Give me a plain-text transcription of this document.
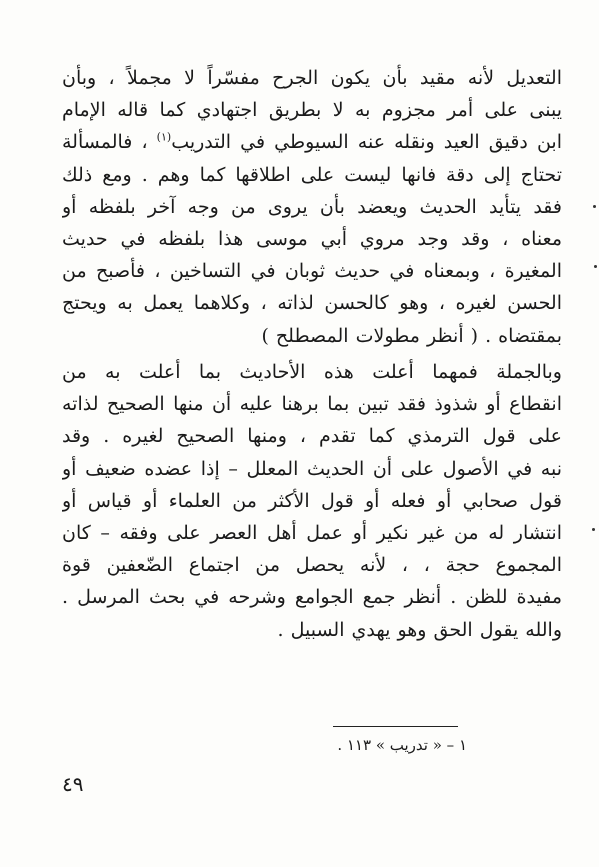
التعديل لأنه مقيد بأن يكون الجرح مفسّراً لا مجملاً ، وبأن
يبنى على أمر مجزوم به لا بطريق اجتهادي كما قاله الإمام
ابن دقيق العيد ونقله عنه السيوطي في التدريب$^{(١)}$ ، فالمسألة
تحتاج إلى دقة فانها ليست على اطلاقها كما وهم . ومع ذلك
فقد يتأيد الحديث ويعضد بأن يروى من وجه آخر بلفظه أو
معناه ، وقد وجد مروي أبي موسى هذا بلفظه في حديث
المغيرة ، وبمعناه في حديث ثوبان في التساخين ، فأصبح من
الحسن لغيره ، وهو كالحسن لذاته ، وكلاهما يعمل به ويحتج
بمقتضاه . ( أنظر مطولات المصطلح )
وبالجملة فمهما أعلت هذه الأحاديث بما أعلت به من
انقطاع أو شذوذ فقد تبين بما برهنا عليه أن منها الصحيح لذاته
على قول الترمذي كما تقدم ، ومنها الصحيح لغيره . وقد
نبه في الأصول على أن الحديث المعلل – إذا عضده ضعيف أو
قول صحابي أو فعله أو قول الأكثر من العلماء أو قياس أو
انتشار له من غير نكير أو عمل أهل العصر على وفقه – كان
المجموع حجة ، ، لأنه يحصل من اجتماع الضّعفين قوة
مفيدة للظن . أنظر جمع الجوامع وشرحه في بحث المرسل .
والله يقول الحق وهو يهدي السبيل .
١ – « تدريب » ١١٣ .
٤٩
